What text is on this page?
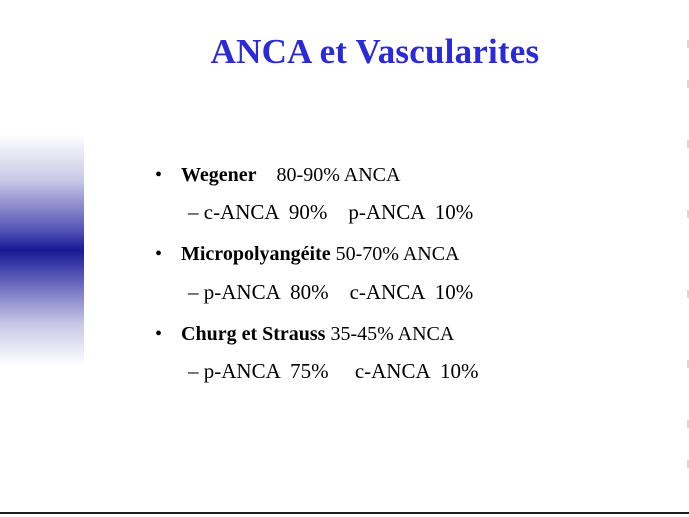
ANCA et Vascularites
• Wegener 80-90% ANCA
– c-ANCA  90%    p-ANCA  10%
• Micropolyangéite 50-70% ANCA
– p-ANCA  80%    c-ANCA  10%
• Churg et Strauss 35-45% ANCA
– p-ANCA  75%     c-ANCA  10%
